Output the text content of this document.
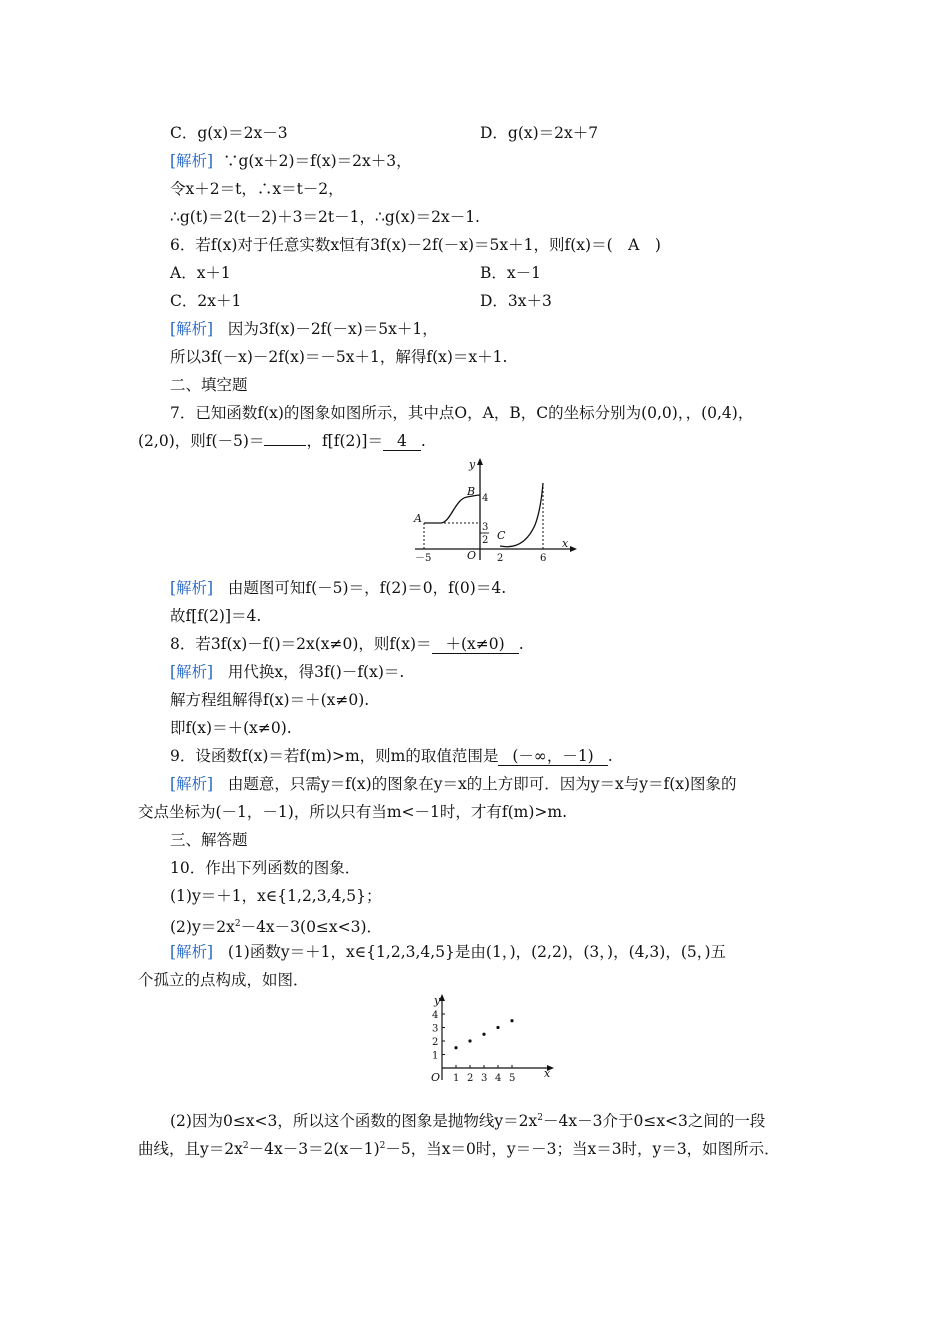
C．g(x)＝2x－3	D．g(x)＝2x＋7
[解析] ∵g(x＋2)＝f(x)＝2x＋3，
令x＋2＝t，∴x＝t－2，
∴g(t)＝2(t－2)＋3＝2t－1，∴g(x)＝2x－1.
6．若f(x)对于任意实数x恒有3f(x)－2f(－x)＝5x＋1，则f(x)＝(　A　)
A．x＋1	B．x－1
C．2x＋1	D．3x＋3
[解析] 因为3f(x)－2f(－x)＝5x＋1，
所以3f(－x)－2f(x)＝－5x＋1，解得f(x)＝x＋1.
二、填空题
7．已知函数f(x)的图象如图所示，其中点O，A，B，C的坐标分别为(0,0)，，(0,4)，
(2,0)，则f(－5)＝	，f[f(2)]＝ 4 .
y
x
A
B
C
O
－5	2	6
4
3
2
[解析] 由题图可知f(－5)＝，f(2)＝0，f(0)＝4.
故f[f(2)]＝4.
8．若3f(x)－f()＝2x(x≠0)，则f(x)＝ ＋(x≠0) .
[解析] 用代换x，得3f()－f(x)＝.
解方程组解得f(x)＝＋(x≠0).
即f(x)＝＋(x≠0).
9．设函数f(x)＝若f(m)>m，则m的取值范围是 (－∞，－1) .
[解析] 由题意，只需y＝f(x)的图象在y＝x的上方即可．因为y＝x与y＝f(x)图象的
交点坐标为(－1，－1)，所以只有当m<－1时，才有f(m)>m.
三、解答题
10．作出下列函数的图象．
(1)y＝＋1，x∈{1,2,3,4,5}；
$(2)y=2x^2-4x-3(0\le x<3)$．
[解析] (1)函数y＝＋1，x∈{1,2,3,4,5}是由(1，)，(2,2)，(3，)，(4,3)，(5，)五
个孤立的点构成，如图．
1 2 3 4 5
1
2
3
4
y
x
O
(2)因为0≤x<3，所以这个函数的图象是抛物线$y=2x^2-4x-3$介于0≤x<3之间的一段
曲线，且$y=2x^2-4x-3=2(x-1)^2-5$，当x＝0时，y＝－3；当x＝3时，y＝3，如图所示．
